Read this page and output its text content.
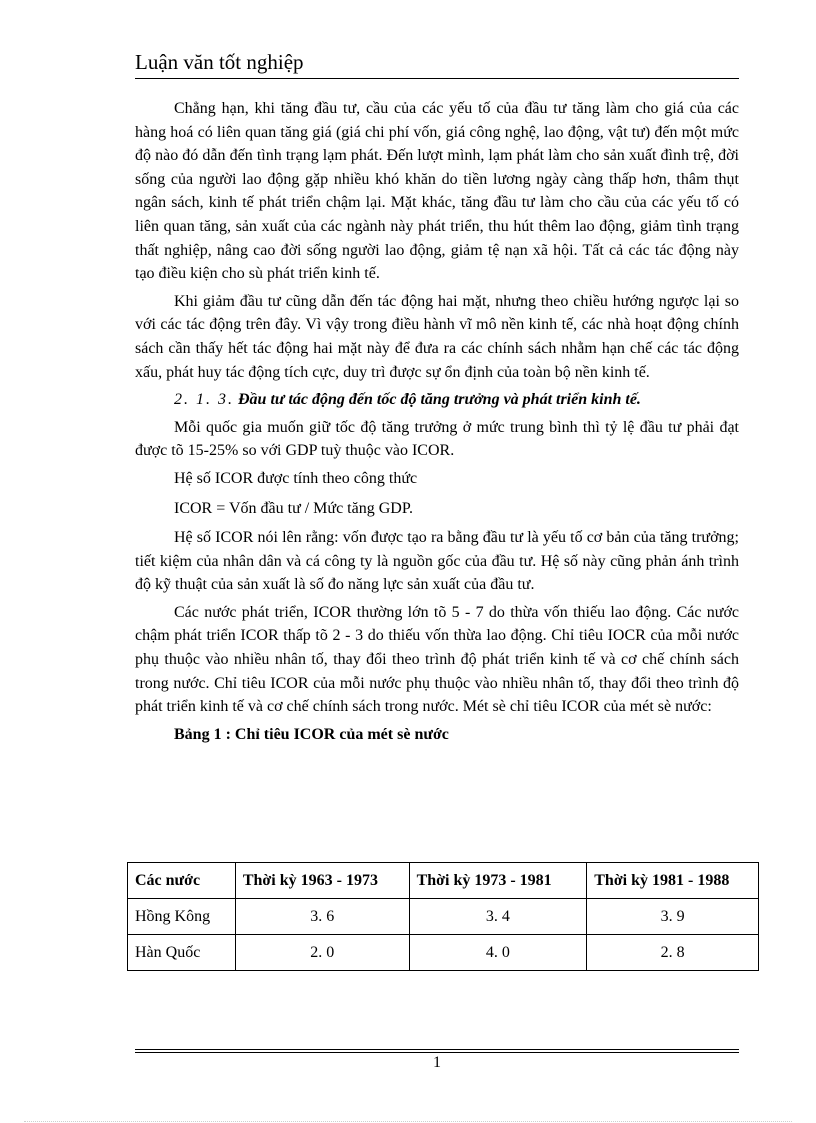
Luận văn tốt nghiệp

Chẳng hạn, khi tăng đầu tư, cầu của các yếu tố của đầu tư tăng làm cho giá của các hàng hoá có liên quan tăng giá (giá chi phí vốn, giá công nghệ, lao động, vật tư) đến một mức độ nào đó dẫn đến tình trạng lạm phát. Đến lượt mình, lạm phát làm cho sản xuất đình trệ, đời sống của người lao động gặp nhiều khó khăn do tiền lương ngày càng thấp hơn, thâm thụt ngân sách, kinh tế phát triển chậm lại. Mặt khác, tăng đầu tư làm cho cầu của các yếu tố có liên quan tăng, sản xuất của các ngành này phát triển, thu hút thêm lao động, giảm tình trạng thất nghiệp, nâng cao đời sống người lao động, giảm tệ nạn xã hội. Tất cả các tác động này tạo điều kiện cho sù phát triển kinh tế.

Khi giảm đầu tư cũng dẫn đến tác động hai mặt, nhưng theo chiều hướng ngược lại so với các tác động trên đây. Vì vậy trong điều hành vĩ mô nền kinh tế, các nhà hoạt động chính sách cần thấy hết tác động hai mặt này để đưa ra các chính sách nhằm hạn chế các tác động xấu, phát huy tác động tích cực, duy trì được sự ổn định của toàn bộ nền kinh tế.

2. 1. 3. Đầu tư tác động đến tốc độ tăng trưởng và phát triển kinh tế.

Mỗi quốc gia muốn giữ tốc độ tăng trưởng ở mức trung bình thì tỷ lệ đầu tư phải đạt được tõ 15-25% so với GDP tuỳ thuộc vào ICOR.

Hệ số ICOR được tính theo công thức

ICOR = Vốn đầu tư / Mức tăng GDP.

Hệ số ICOR nói lên rằng: vốn được tạo ra bằng đầu tư là yếu tố cơ bản của tăng trưởng; tiết kiệm của nhân dân và cá công ty là nguồn gốc của đầu tư. Hệ số này cũng phản ánh trình độ kỹ thuật của sản xuất là số đo năng lực sản xuất của đầu tư.

Các nước phát triển, ICOR thường lớn tõ 5 - 7 do thừa vốn thiếu lao động. Các nước chậm phát triển ICOR thấp tõ 2 - 3 do thiếu vốn thừa lao động. Chỉ tiêu IOCR của mỗi nước phụ thuộc vào nhiều nhân tố, thay đổi theo trình độ phát triển kinh tế và cơ chế chính sách trong nước. Chỉ tiêu ICOR của mỗi nước phụ thuộc vào nhiều nhân tố, thay đổi theo trình độ phát triển kinh tế và cơ chế chính sách trong nước. Mét sè chỉ tiêu ICOR của mét sè nước:

Bảng 1 : Chỉ tiêu ICOR của mét sè nước
Các nước	Thời kỳ 1963 - 1973	Thời kỳ 1973 - 1981	Thời kỳ 1981 - 1988
Hồng Kông	3. 6	3. 4	3. 9
Hàn Quốc	2. 0	4. 0	2. 8
1
